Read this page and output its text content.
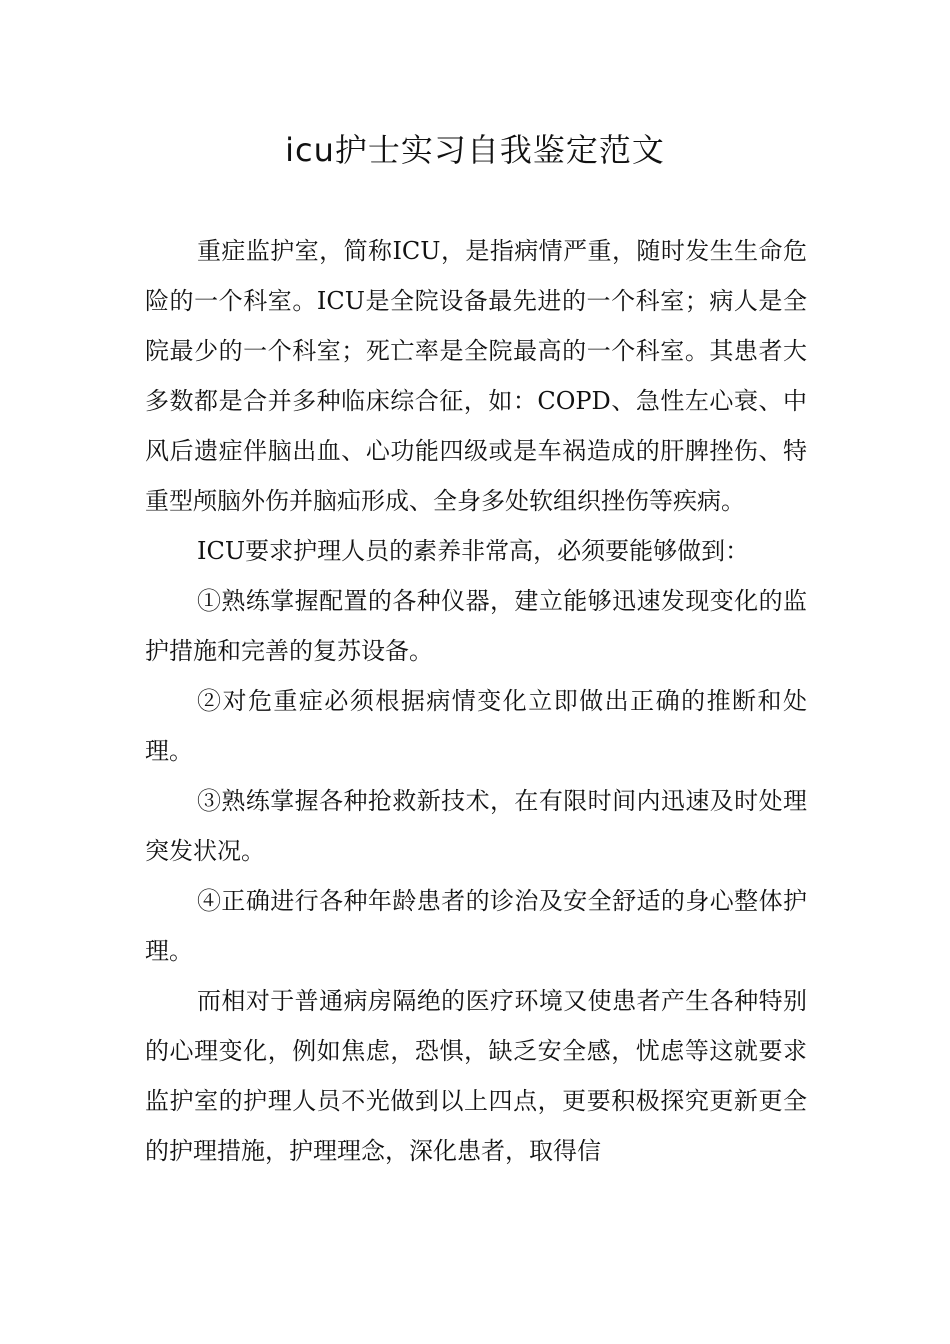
icu护士实习自我鉴定范文

重症监护室，简称ICU，是指病情严重，随时发生生命危险的一个科室。ICU是全院设备最先进的一个科室；病人是全院最少的一个科室；死亡率是全院最高的一个科室。其患者大多数都是合并多种临床综合征，如：COPD、急性左心衰、中风后遗症伴脑出血、心功能四级或是车祸造成的肝脾挫伤、特重型颅脑外伤并脑疝形成、全身多处软组织挫伤等疾病。

ICU要求护理人员的素养非常高，必须要能够做到：

①熟练掌握配置的各种仪器，建立能够迅速发现变化的监护措施和完善的复苏设备。

②对危重症必须根据病情变化立即做出正确的推断和处理。

③熟练掌握各种抢救新技术，在有限时间内迅速及时处理突发状况。

④正确进行各种年龄患者的诊治及安全舒适的身心整体护理。

而相对于普通病房隔绝的医疗环境又使患者产生各种特别的心理变化，例如焦虑，恐惧，缺乏安全感，忧虑等这就要求监护室的护理人员不光做到以上四点，更要积极探究更新更全的护理措施，护理理念，深化患者，取得信
